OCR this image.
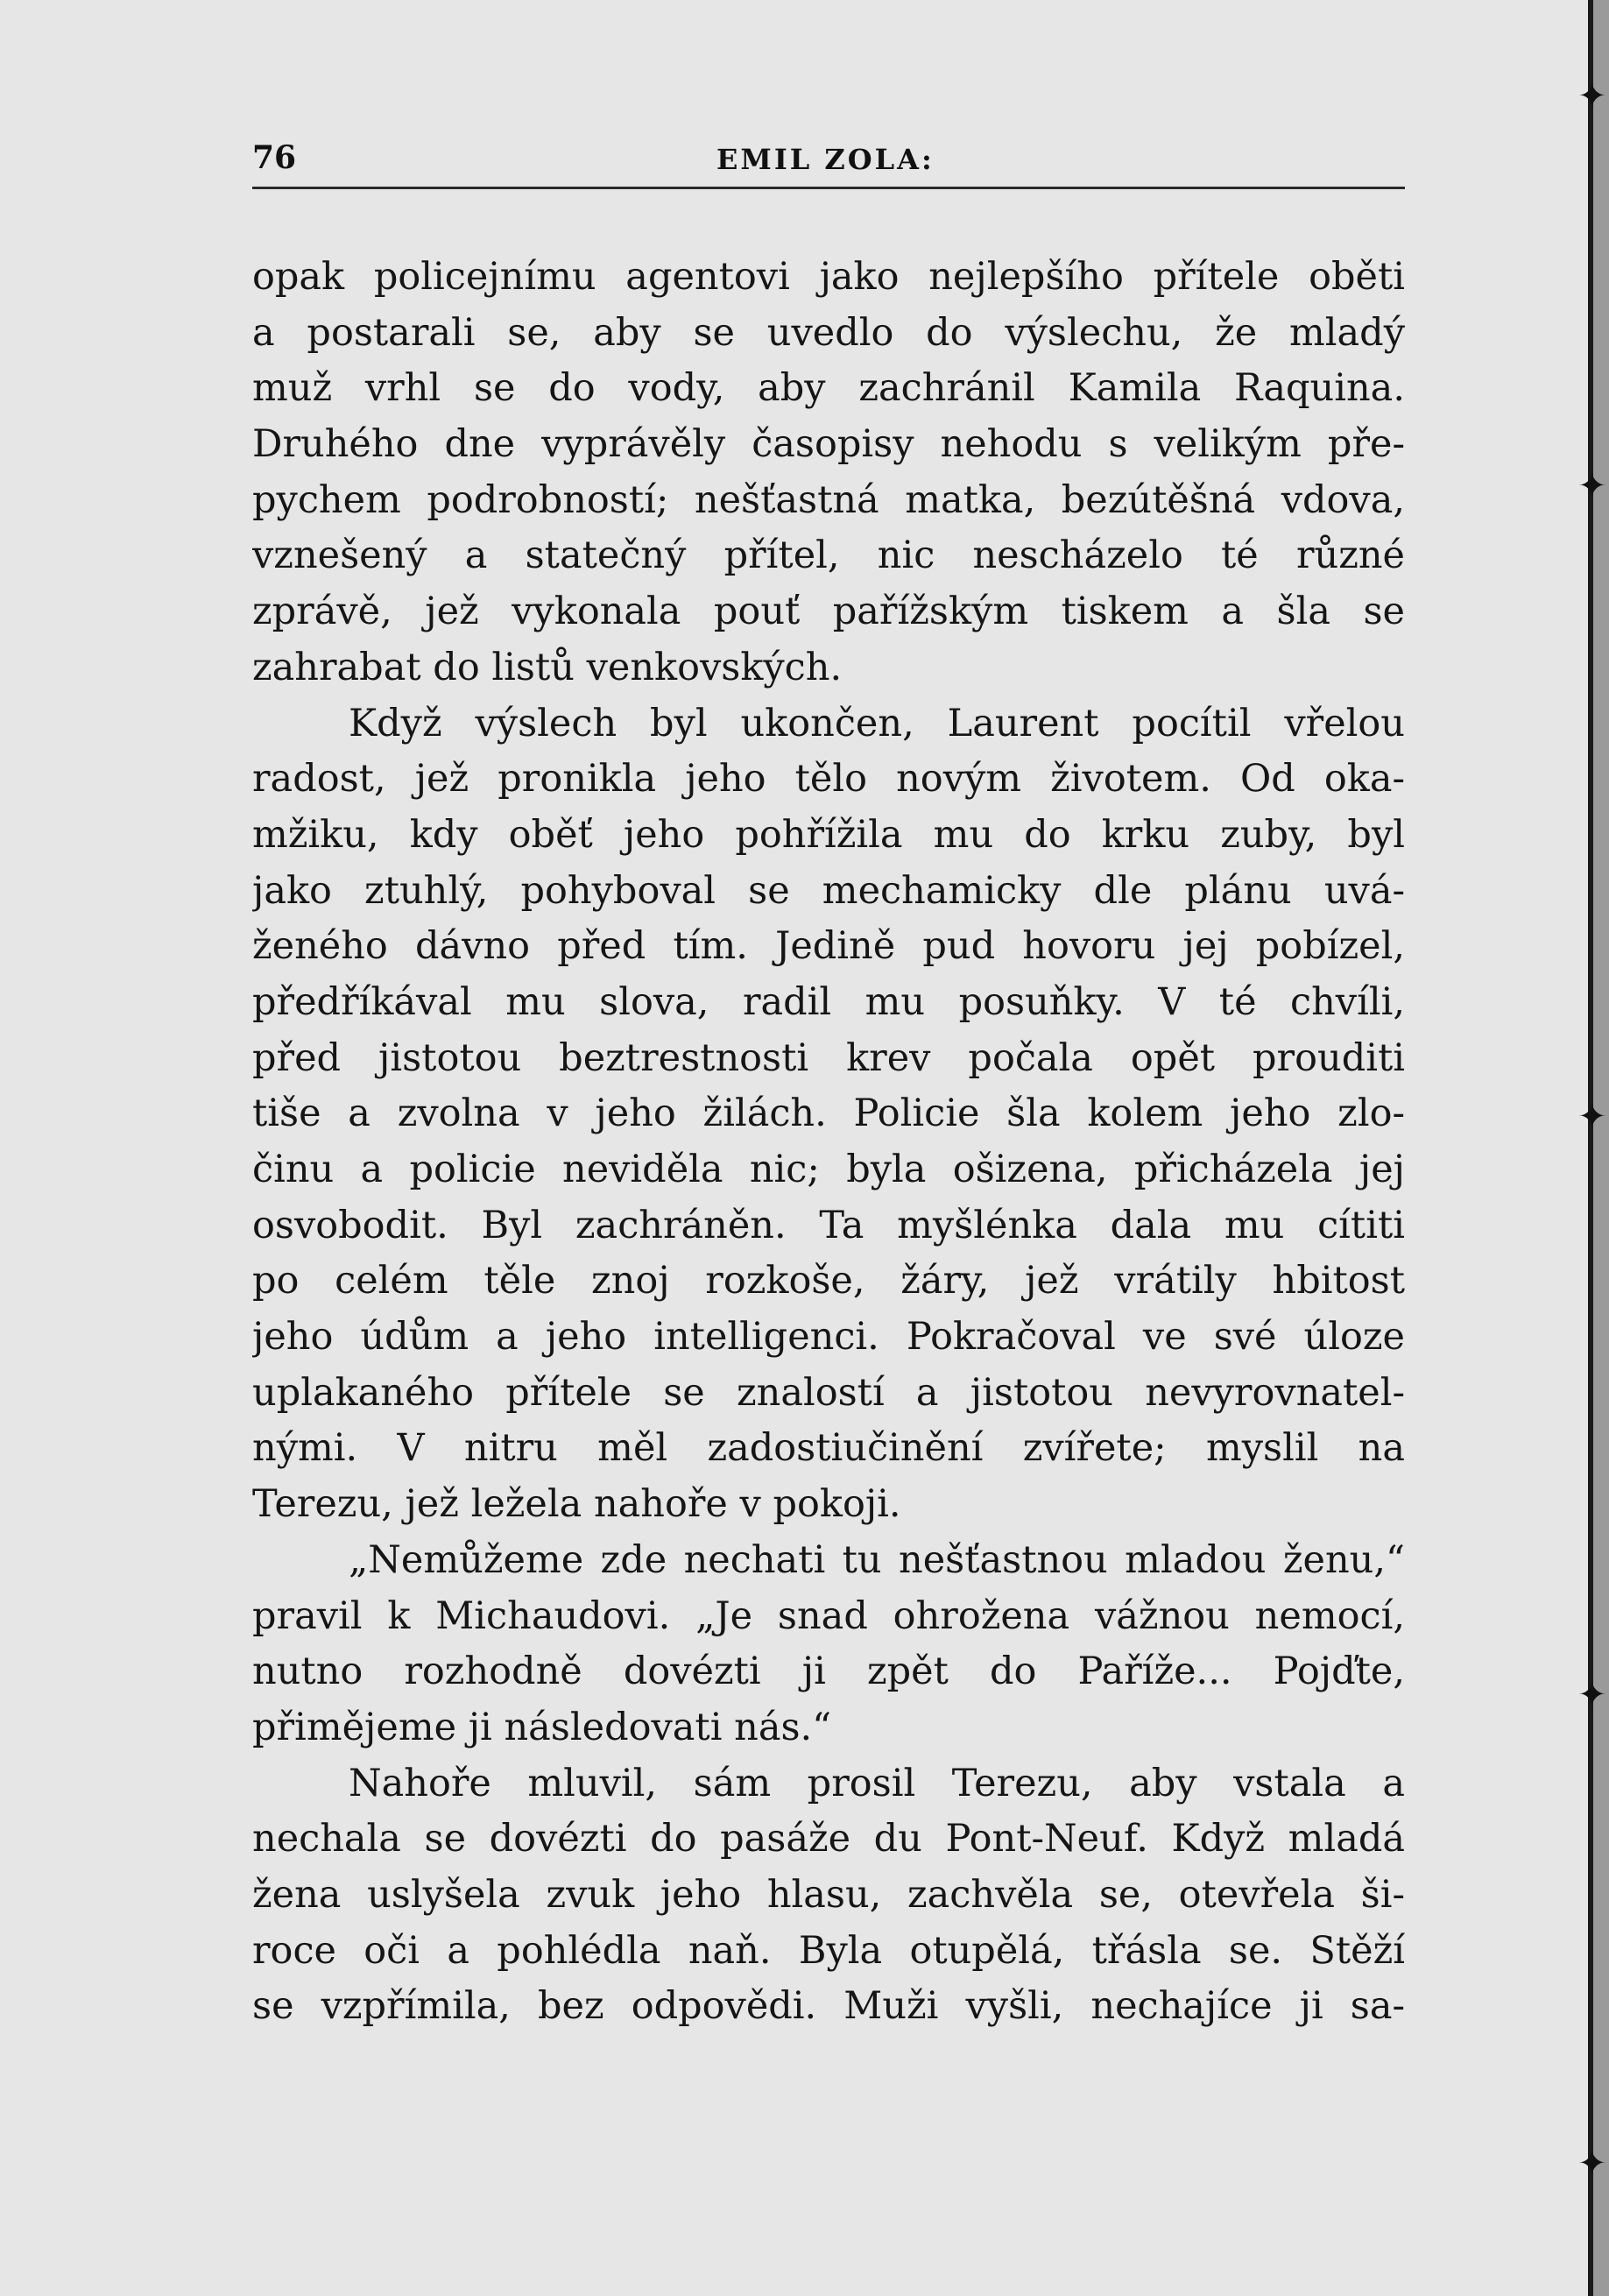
✦
✦
✦
✦
✦
76	EMIL ZOLA:
opak policejnímu agentovi jako nejlepšího přítele oběti
a postarali se, aby se uvedlo do výslechu, že mladý
muž vrhl se do vody, aby zachránil Kamila Raquina.
Druhého dne vyprávěly časopisy nehodu s velikým pře-
pychem podrobností; nešťastná matka, bezútěšná vdova,
vznešený a statečný přítel, nic nescházelo té různé
zprávě, jež vykonala pouť pařížským tiskem a šla se
zahrabat do listů venkovských.
Když výslech byl ukončen, Laurent pocítil vřelou
radost, jež pronikla jeho tělo novým životem. Od oka-
mžiku, kdy oběť jeho pohřížila mu do krku zuby, byl
jako ztuhlý, pohyboval se mechamicky dle plánu uvá-
ženého dávno před tím. Jedině pud hovoru jej pobízel,
předříkával mu slova, radil mu posuňky. V té chvíli,
před jistotou beztrestnosti krev počala opět prouditi
tiše a zvolna v jeho žilách. Policie šla kolem jeho zlo-
činu a policie neviděla nic; byla ošizena, přicházela jej
osvobodit. Byl zachráněn. Ta myšlénka dala mu cítiti
po celém těle znoj rozkoše, žáry, jež vrátily hbitost
jeho údům a jeho intelligenci. Pokračoval ve své úloze
uplakaného přítele se znalostí a jistotou nevyrovnatel-
nými. V nitru měl zadostiučinění zvířete; myslil na
Terezu, jež ležela nahoře v pokoji.
„Nemůžeme zde nechati tu nešťastnou mladou ženu,“
pravil k Michaudovi. „Je snad ohrožena vážnou nemocí,
nutno rozhodně dovézti ji zpět do Paříže... Pojďte,
přimějeme ji následovati nás.“
Nahoře mluvil, sám prosil Terezu, aby vstala a
nechala se dovézti do pasáže du Pont-Neuf. Když mladá
žena uslyšela zvuk jeho hlasu, zachvěla se, otevřela ši-
roce oči a pohlédla naň. Byla otupělá, třásla se. Stěží
se vzpřímila, bez odpovědi. Muži vyšli, nechajíce ji sa-
